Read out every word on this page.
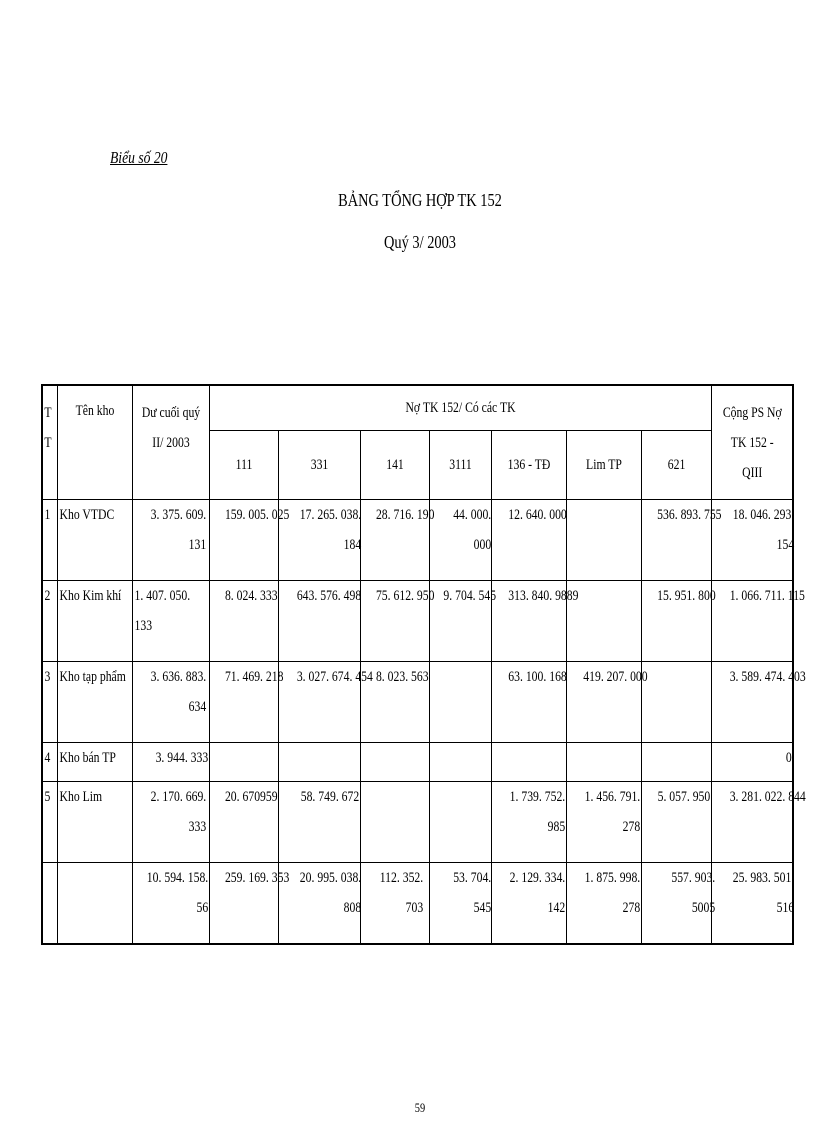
Biểu số 20
BẢNG TỔNG HỢP TK 152
Quý 3/ 2003
T T	Tên kho	Dư cuối quý II/ 2003	Nợ TK 152/ Có các TK							Cộng PS Nợ TK 152 - QIII

			111	331	141	3111	136 - TĐ	Lim TP	621	

1	Kho VTDC	3. 375. 609. 131	159. 005. 025	17. 265. 038. 184	28. 716. 190	44. 000. 000	12. 640. 000		536. 893. 755	18. 046. 293. 154

2	Kho Kim khí	1. 407. 050. 133	8. 024. 333	643. 576. 498	75. 612. 950	9. 704. 545	313. 840. 9889		15. 951. 800	1. 066. 711. 115

3	Kho tạp phẩm	3. 636. 883. 634	71. 469. 218	3. 027. 674. 454	8. 023. 563		63. 100. 168	419. 207. 000		3. 589. 474. 403

4	Kho bán TP	3. 944. 333								0

5	Kho Lim	2. 170. 669. 333	20. 670959	58. 749. 672			1. 739. 752. 985	1. 456. 791. 278	5. 057. 950	3. 281. 022. 844

		10. 594. 158. 56	259. 169. 353	20. 995. 038. 808	112. 352. 703	53. 704. 545	2. 129. 334. 142	1. 875. 998. 278	557. 903. 5005	25. 983. 501. 516
59
